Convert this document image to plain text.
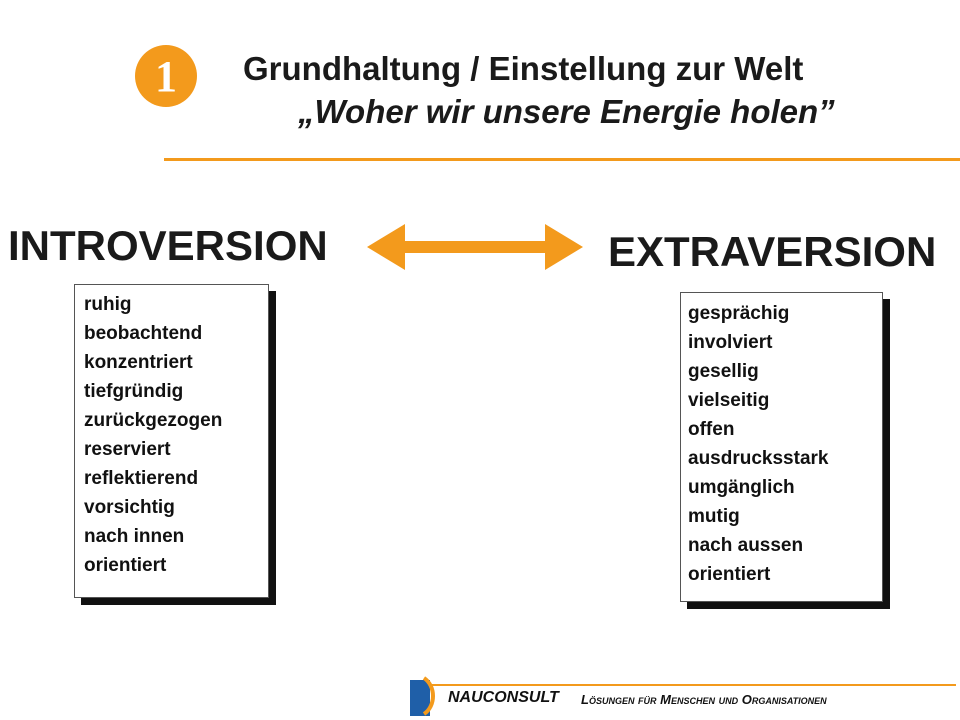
1 Grundhaltung / Einstellung zur Welt
„Woher wir unsere Energie holen”
INTROVERSION	EXTRAVERSION
ruhig
beobachtend
konzentriert
tiefgründig
zurückgezogen
reserviert
reflektierend
vorsichtig
nach innen
orientiert
gesprächig
involviert
gesellig
vielseitig
offen
ausdrucksstark
umgänglich
mutig
nach aussen
orientiert
NAUCONSULT Lösungen für Menschen und Organisationen
